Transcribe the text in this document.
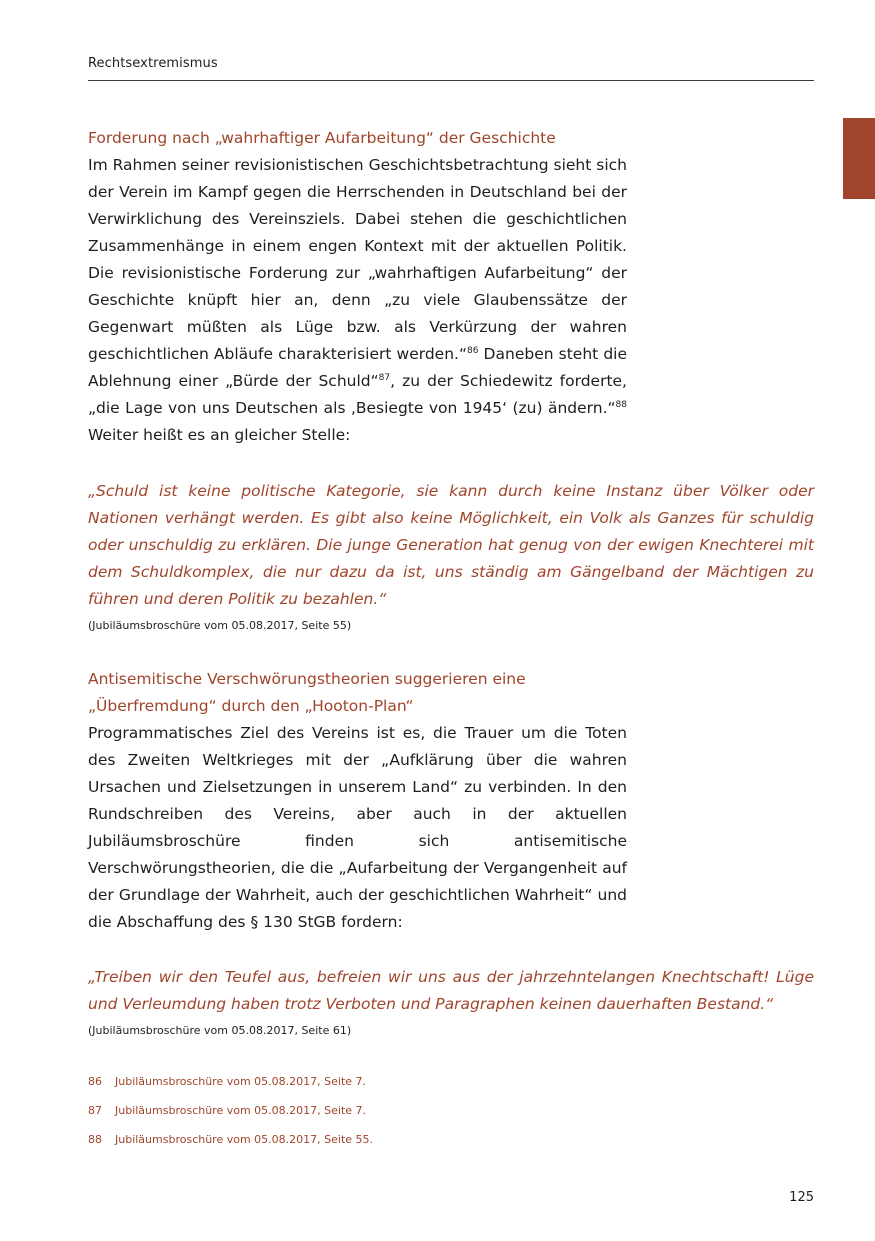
Rechtsextremismus
Forderung nach „wahrhaftiger Aufarbeitung“ der Geschichte

Im Rahmen seiner revisionistischen Geschichtsbetrachtung sieht sich der Verein im Kampf gegen die Herrschenden in Deutschland bei der Verwirklichung des Vereinsziels. Dabei stehen die geschichtlichen Zusammenhänge in einem engen Kontext mit der aktuellen Politik. Die revisionistische Forderung zur „wahrhaftigen Aufarbeitung“ der Geschichte knüpft hier an, denn „zu viele Glaubenssätze der Gegenwart müßten als Lüge bzw. als Verkürzung der wahren geschichtlichen Abläufe charakterisiert werden.“$^{86}$ Daneben steht die Ablehnung einer „Bürde der Schuld“$^{87}$, zu der Schiedewitz forderte, „die Lage von uns Deutschen als ‚Besiegte von 1945‘ (zu) ändern.“$^{88}$ Weiter heißt es an gleicher Stelle:

„Schuld ist keine politische Kategorie, sie kann durch keine Instanz über Völker oder Nationen verhängt werden. Es gibt also keine Möglichkeit, ein Volk als Ganzes für schuldig oder unschuldig zu erklären. Die junge Generation hat genug von der ewigen Knechterei mit dem Schuldkomplex, die nur dazu da ist, uns ständig am Gängelband der Mächtigen zu führen und deren Politik zu bezahlen.“

(Jubiläumsbroschüre vom 05.08.2017, Seite 55)
Antisemitische Verschwörungstheorien suggerieren eine
„Überfremdung“ durch den „Hooton-Plan“

Programmatisches Ziel des Vereins ist es, die Trauer um die Toten des Zweiten Weltkrieges mit der „Aufklärung über die wahren Ursachen und Zielsetzungen in unserem Land“ zu verbinden. In den Rundschreiben des Vereins, aber auch in der aktuellen Jubiläumsbroschüre finden sich antisemitische Verschwörungstheorien, die die „Aufarbeitung der Vergangenheit auf der Grundlage der Wahrheit, auch der geschichtlichen Wahrheit“ und die Abschaffung des § 130 StGB fordern:

„Treiben wir den Teufel aus, befreien wir uns aus der jahrzehntelangen Knechtschaft! Lüge und Verleumdung haben trotz Verboten und Paragraphen keinen dauerhaften Bestand.“

(Jubiläumsbroschüre vom 05.08.2017, Seite 61)
86 Jubiläumsbroschüre vom 05.08.2017, Seite 7.
87 Jubiläumsbroschüre vom 05.08.2017, Seite 7.
88 Jubiläumsbroschüre vom 05.08.2017, Seite 55.
125
